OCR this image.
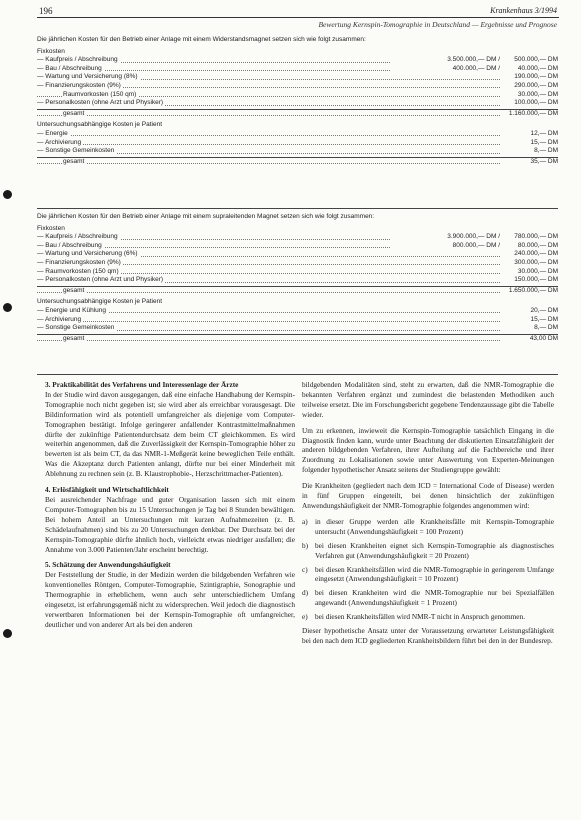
196	Krankenhaus 3/1994
Bewertung Kernspin-Tomographie in Deutschland — Ergebnisse und Prognose
Die jährlichen Kosten für den Betrieb einer Anlage mit einem Widerstandsmagnet setzen sich wie folgt zusammen:
Fixkosten
— Kaufpreis / Abschreibung	3.500.000,— DM /	500.000,— DM
— Bau / Abschreibung	400.000,— DM /	40.000,— DM
— Wartung und Versicherung (8%)	190.000,— DM
— Finanzierungskosten (9%)	290.000,— DM
Raumvorkosten (150 qm)	30.000,— DM
— Personalkosten (ohne Arzt und Physiker)	100.000,— DM
gesamt	1.160.000,— DM
Untersuchungsabhängige Kosten je Patient
— Energie	12,— DM
— Archivierung	15,— DM
— Sonstige Gemeinkosten	8,— DM
gesamt	35,— DM
Die jährlichen Kosten für den Betrieb einer Anlage mit einem supraleitenden Magnet setzen sich wie folgt zusammen:
Fixkosten
— Kaufpreis / Abschreibung	3.900.000,— DM /	780.000,— DM
— Bau / Abschreibung	800.000,— DM /	80.000,— DM
— Wartung und Versicherung (6%)	240.000,— DM
— Finanzierungskosten (9%)	300.000,— DM
— Raumvorkosten (150 qm)	30.000,— DM
— Personalkosten (ohne Arzt und Physiker)	150.000,— DM
gesamt	1.650.000,— DM
Untersuchungsabhängige Kosten je Patient
— Energie und Kühlung	20,— DM
— Archivierung	15,— DM
— Sonstige Gemeinkosten	8,— DM
gesamt	43,00 DM
3. Praktikabilität des Verfahrens und Interessenlage der Ärzte

In der Studie wird davon ausgegangen, daß eine einfache Handhabung der Kernspin-Tomographie noch nicht gegeben ist; sie wird aber als erreichbar vorausgesagt. Die Bildinformation wird als potentiell umfangreicher als diejenige vom Computer-Tomographen bestätigt. Infolge geringerer anfallender Kontrastmittelmaßnahmen dürfte der zukünftige Patientendurchsatz dem beim CT gleichkommen. Es wird weiterhin angenommen, daß die Zuverlässigkeit der Kernspin-Tomographie höher zu bewerten ist als beim CT, da das NMR-1-Meßgerät keine beweglichen Teile enthält. Was die Akzeptanz durch Patienten anlangt, dürfte nur bei einer Minderheit mit Ablehnung zu rechnen sein (z. B. Klaustrophobie-, Herzschrittmacher-Patienten).

4. Erlösfähigkeit und Wirtschaftlichkeit

Bei ausreichender Nachfrage und guter Organisation lassen sich mit einem Computer-Tomographen bis zu 15 Untersuchungen je Tag bei 8 Stunden bewältigen. Bei hohem Anteil an Untersuchungen mit kurzen Aufnahmezeiten (z. B. Schädelaufnahmen) sind bis zu 20 Untersuchungen denkbar. Der Durchsatz bei der Kernspin-Tomographie dürfte ähnlich hoch, vielleicht etwas niedriger ausfallen; die Annahme von 3.000 Patienten/Jahr erscheint berechtigt.

5. Schätzung der Anwendungshäufigkeit

Der Feststellung der Studie, in der Medizin werden die bildgebenden Verfahren wie konventionelles Röntgen, Computer-Tomographie, Szintigraphie, Sonographie und Thermographie in erheblichem, wenn auch sehr unterschiedlichem Umfang eingesetzt, ist erfahrungsgemäß nicht zu widersprechen. Weil jedoch die diagnostisch verwertbaren Informationen bei der Kernspin-Tomographie oft umfangreicher, deutlicher und von anderer Art als bei den anderen

bildgebenden Modalitäten sind, steht zu erwarten, daß die NMR-Tomographie die bekannten Verfahren ergänzt und zumindest die belastenden Methodiken auch teilweise ersetzt. Die im Forschungsbericht gegebene Tendenzaussage gibt die Tabelle wieder.

Um zu erkennen, inwieweit die Kernspin-Tomographie tatsächlich Eingang in die Diagnostik finden kann, wurde unter Beachtung der diskutierten Einsatzfähigkeit der anderen bildgebenden Verfahren, ihrer Aufteilung auf die Fachbereiche und ihrer Zuordnung zu Lokalisationen sowie unter Auswertung von Experten-Meinungen folgender hypothetischer Ansatz seitens der Studiengruppe gewählt:

Die Krankheiten (gegliedert nach dem ICD = International Code of Disease) werden in fünf Gruppen eingeteilt, bei denen hinsichtlich der zukünftigen Anwendungshäufigkeit der NMR-Tomographie folgendes angenommen wird:

a)	in dieser Gruppe werden alle Krankheitsfälle mit Kernspin-Tomographie untersucht (Anwendungshäufigkeit = 100 Prozent)
b) bei diesen Krankheiten eignet sich Kernspin-Tomographie als diagnostisches Verfahren gut (Anwendungshäufigkeit = 20 Prozent)
c)	bei diesen Krankheitsfällen wird die NMR-Tomographie in geringerem Umfange eingesetzt (Anwendungshäufigkeit = 10 Prozent)
d) bei diesen Krankheiten wird die NMR-Tomographie nur bei Spezialfällen angewandt (Anwendungshäufigkeit = 1 Prozent)
e)	bei diesen Krankheitsfällen wird NMR-T nicht in Anspruch genommen.

Dieser hypothetische Ansatz unter der Voraussetzung erwarteter Leistungsfähigkeit bei den nach dem ICD gegliederten Krankheitsbildern führt bei den in der Bundesrep.
